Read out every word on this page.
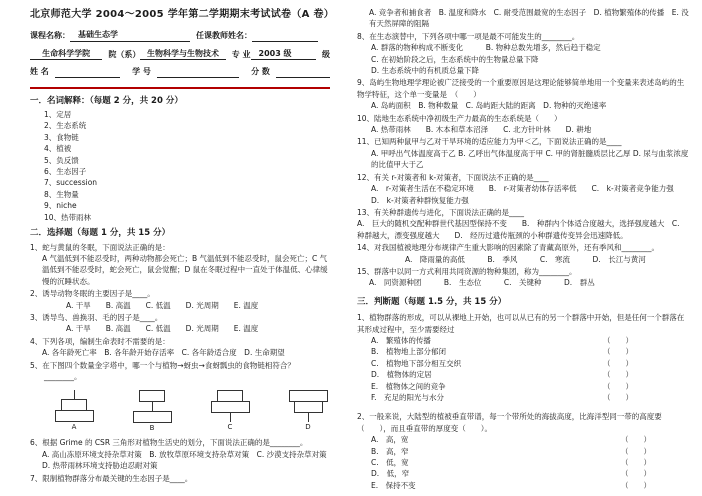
北京师范大学 2004～2005 学年第二学期期末考试试卷（A 卷）
课程名称：	基础生态学	任课教师姓名：
生命科学学院	院（系） 生物科学与生物技术	专 业	2003 级	级
姓 名	学 号	分 数
一．名词解释：（每题 2 分，共 20 分）
1、定居
2、生态系统
3、食物链
4、植被
5、负反馈
6、生态因子
7、succession
8、生物量
9、niche
10、热带雨林
二．选择题（每题 1 分，共 15 分）
1、蛇与黄鼠的冬眠，下面说法正确的是：
A 气温低到不能忍受时，两种动物都会死亡；B 气温低到不能忍受时，鼠会死亡；C 气温低到不能忍受时，蛇会死亡，鼠会觉醒；D 鼠在冬眠过程中一直处于体温低、心律缓慢的沉睡状态。
2、诱导动物冬眠的主要因子是____。
A. 干旱　　B. 高温　　C. 低温　　D. 光周期　　E. 温度
3、诱导鸟、兽换羽、毛的因子是____。
A. 干旱　　B. 高温　　C. 低温　　D. 光周期　　E. 温度
4、下列各项，编制生命表时不需要的是：
A. 各年龄死亡率　B. 各年龄开始存活率　C. 各年龄适合度　D. 生命期望
5、在下图四个数量金字塔中，哪一个与植物→蚜虫→食蚜瓢虫的食物链相符合？
________。
A	B	C	D
6、根据 Grime 的 CSR 三角形对植物生活史的划分，下面说法正确的是________。
A. 高山冻原环境支持杂草对策　B. 放牧草原环境支持杂草对策　C. 沙漠支持杂草对策　D. 热带雨林环境支持胁迫忍耐对策
7、限制植物群落分布最关键的生态因子是____。
A. 竞争者和捕食者　B. 温度和降水　C. 耐受范围最宽的生态因子　D. 植物繁殖体的传播　E. 没有天然屏障的阻隔
8、在生态演替中，下列各项中哪一项是最不可能发生的________。
A. 群落的物种构成不断变化　　　B. 物种总数先增多，然后趋于稳定
C. 在初始阶段之后，生态系统中的生物量总量下降
D. 生态系统中的有机质总量下降
9、岛屿生物地理学理论被广泛接受的一个重要原因是这理论能够简单地用一个变量来表述岛屿的生物学特征，这个单一变量是　（　　）
A. 岛屿面积　B. 物种数量　C. 岛屿距大陆的距离　D. 物种的灭绝速率
10、陆地生态系统中净初级生产力最高的生态系统是（　　）
A. 热带雨林　　B. 木本和草本沼泽　　C. 北方针叶林　　D. 耕地
11、已知两种鼠甲与乙对干旱环境的适应能力为甲＜乙，下面说法正确的是____
A. 甲呼出气体温度高于乙 B. 乙呼出气体温度高于甲 C. 甲的肾脏髓质层比乙厚 D. 尿与血浆浓度的比值甲大于乙
12、有关 r-对策者和 k-对策者，下面说法不正确的是____
A.　r-对策者生活在不稳定环境　　B.　r-对策者幼体存活率低　　C.　k-对策者竞争能力强　　D.　k-对策者种群恢复能力强
13、有关种群遗传与进化，下面说法正确的是____
A.　巨大的随机交配种群世代基因型保持不变　　B.　种群内个体适合度越大，选择强度越大　C.　种群越大，漂变强度越大　　D.　经历过遗传瓶颈的小种群遗传变异会迅速降低。
14、对我国植被地理分布规律产生重大影响的因素除了青藏高原外，还有季风和________。
A.　降雨量的高低　　　B.　季风　　　C.　寒流　　　D.　长江与黄河
15、群落中以同一方式利用共同资源的物种集团，称为________。
A.　同资源种团　　　B.　生态位　　　C.　关键种　　　D.　群丛
三．判断题（每题 1.5 分，共 15 分）
1、植物群落的形成，可以从裸地上开始，也可以从已有的另一个群落中开始，但是任何一个群落在其形成过程中，至少需要经过
A.　繁殖体的传播	（　　）
B.　植物地上部分郁闭	（　　）
C.　植物地下部分相互交织	（　　）
D.　植物体的定居	（　　）
E.　植物体之间的竞争	（　　）
F.　充足的阳光与水分	（　　）
2、一般来说，大陆型的植被垂直带谱，每一个带所处的海拔高度，比海洋型同一带的高度要（　　），而且垂直带的厚度变（　　）。
A.　高，宽	（　　）
B.　高，窄	（　　）
C.　低，宽	（　　）
D.　低，窄	（　　）
E.　保持不变	（　　）
